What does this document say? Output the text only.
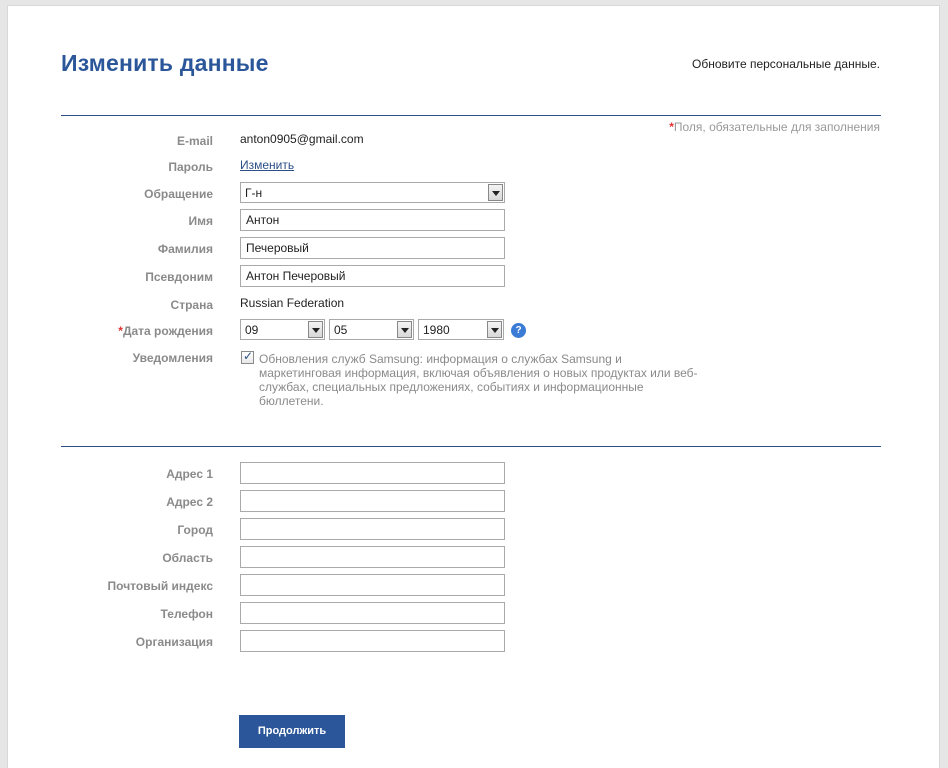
Изменить данные	Обновите персональные данные.
*Поля, обязательные для заполнения
E-mail anton0905@gmail.com
Пароль Изменить
Обращение	Г-н
Имя
Антон
Фамилия
Печеровый
Псевдоним
Антон Печеровый
Страна Russian Federation
*Дата рождения	09	05	1980	?
Уведомления
✓	Обновления служб Samsung: информация о службах Samsung и маркетинговая информация, включая объявления о новых продуктах или веб-службах, специальных предложениях, событиях и информационные бюллетени.
Адрес 1
Адрес 2
Город
Область
Почтовый индекс
Телефон
Организация
Продолжить
